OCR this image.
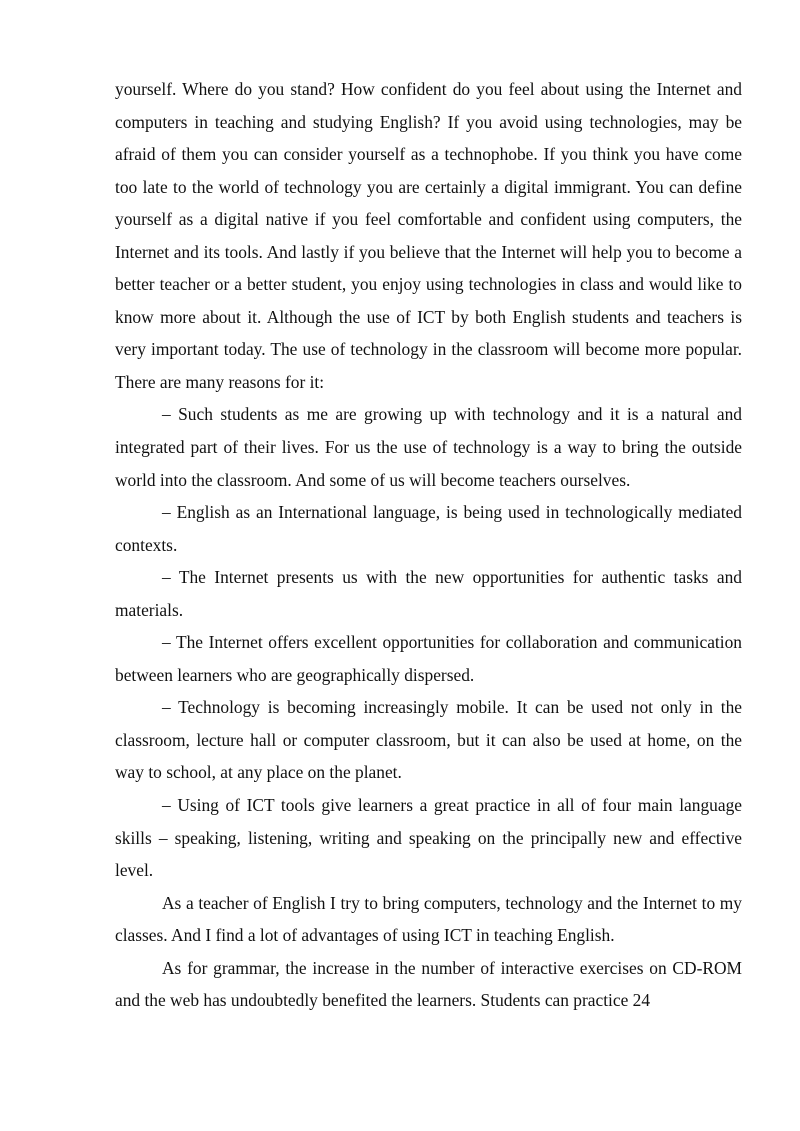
yourself. Where do you stand? How confident do you feel about using the Internet and computers in teaching and studying English? If you avoid using technologies, may be afraid of them you can consider yourself as a technophobe. If you think you have come too late to the world of technology you are certainly a digital immigrant. You can define yourself as a digital native if you feel comfortable and confident using computers, the Internet and its tools. And lastly if you believe that the Internet will help you to become a better teacher or a better student, you enjoy using technologies in class and would like to know more about it. Although the use of ICT by both English students and teachers is very important today. The use of technology in the classroom will become more popular. There are many reasons for it:

– Such students as me are growing up with technology and it is a natural and integrated part of their lives. For us the use of technology is a way to bring the outside world into the classroom. And some of us will become teachers ourselves.

– English as an International language, is being used in technologically mediated contexts.

– The Internet presents us with the new opportunities for authentic tasks and materials.

– The Internet offers excellent opportunities for collaboration and communication between learners who are geographically dispersed.

– Technology is becoming increasingly mobile. It can be used not only in the classroom, lecture hall or computer classroom, but it can also be used at home, on the way to school, at any place on the planet.

– Using of ICT tools give learners a great practice in all of four main language skills – speaking, listening, writing and speaking on the principally new and effective level.

As a teacher of English I try to bring computers, technology and the Internet to my classes. And I find a lot of advantages of using ICT in teaching English.

As for grammar, the increase in the number of interactive exercises on CD-ROM and the web has undoubtedly benefited the learners. Students can practice 24
